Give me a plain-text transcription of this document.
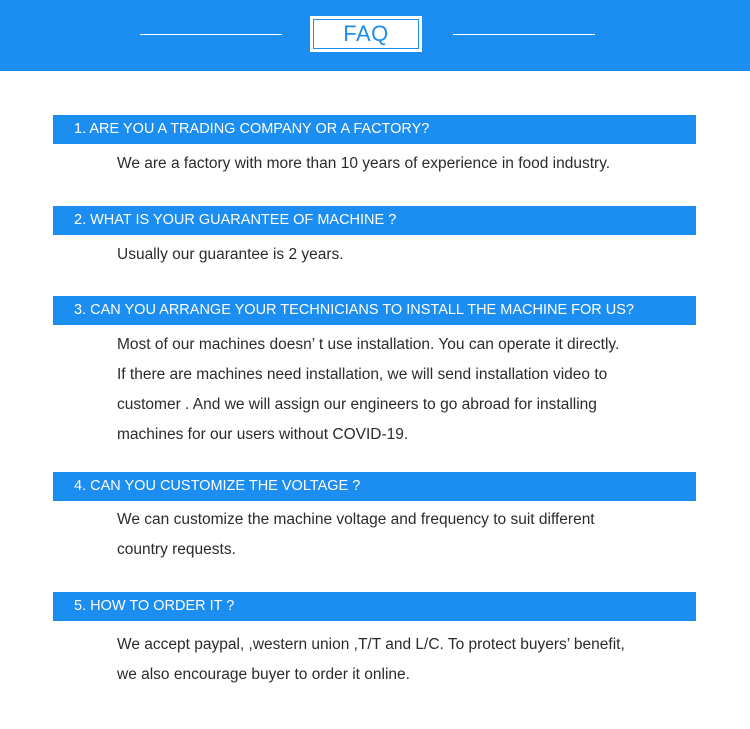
FAQ
1. ARE YOU A TRADING COMPANY OR A FACTORY?

We are a factory with more than 10 years of experience in food industry.

2. WHAT IS YOUR GUARANTEE OF MACHINE ?

Usually our guarantee is 2 years.

3. CAN YOU ARRANGE YOUR TECHNICIANS TO INSTALL THE MACHINE FOR US?

Most of our machines doesn’ t use installation. You can operate it directly.
If there are machines need installation, we will send installation video to
customer . And we will assign our engineers to go abroad for installing
machines for our users without COVID-19.

4. CAN YOU CUSTOMIZE THE VOLTAGE ?

We can customize the machine voltage and frequency to suit different
country requests.

5. HOW TO ORDER IT ?

We accept paypal, ,western union ,T/T and L/C. To protect buyers’ benefit,
we also encourage buyer to order it online.
